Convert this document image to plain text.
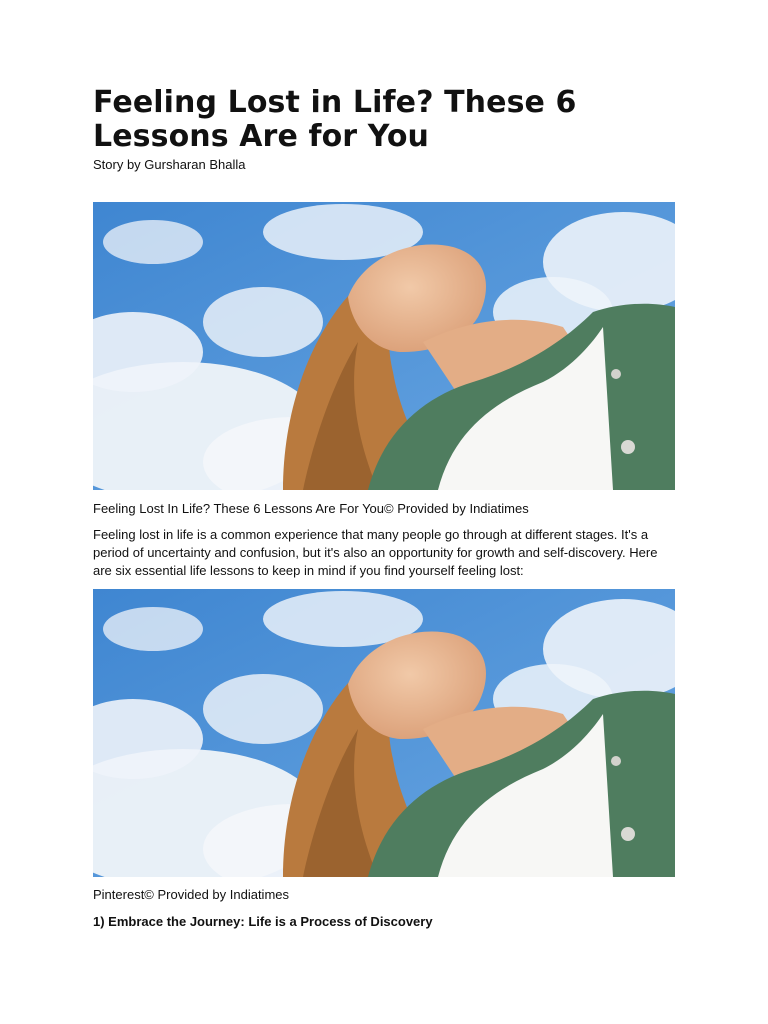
Feeling Lost in Life? These 6 Lessons Are for You

Story by Gursharan Bhalla

Feeling Lost In Life? These 6 Lessons Are For You© Provided by Indiatimes

Feeling lost in life is a common experience that many people go through at different stages. It's a period of uncertainty and confusion, but it's also an opportunity for growth and self-discovery. Here are six essential life lessons to keep in mind if you find yourself feeling lost:

Pinterest© Provided by Indiatimes

1) Embrace the Journey: Life is a Process of Discovery
